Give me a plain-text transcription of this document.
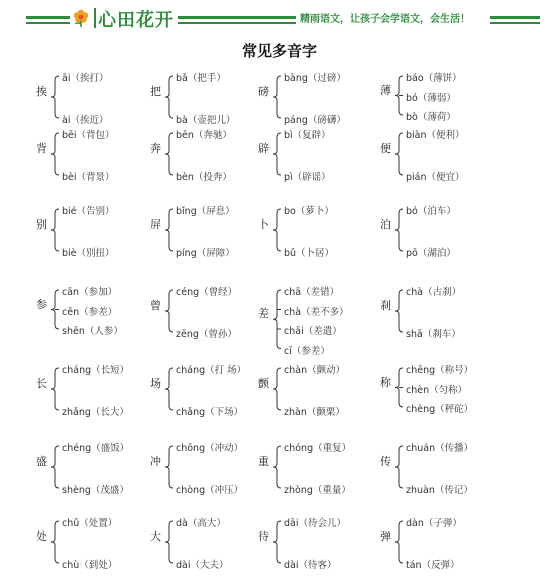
心田花开	精雨语文，让孩子会学语文，会生活！
常见多音字
挨
āi（挨打）
ài（挨近）
把
bǎ（把手）
bà（壶把儿）
磅
bàng（过磅）
páng（磅礴）
薄
báo（薄饼）
bó（薄弱）
bò（薄荷）
背
bēi（背包）
bèi（背景）
奔
bēn（奔驰）
bèn（投奔）
辟
bì（复辟）
pì（辟谣）
便
biàn（便利）
pián（便宜）
别
bié（告别）
biè（别扭）
屏
bǐng（屏息）
píng（屏障）
卜
bo（萝卜）
bǔ（卜居）
泊
bó（泊车）
pō（湖泊）
参
cān（参加）
cēn（参差）
shēn（人参）
曾
céng（曾经）
zēng（曾孙）
差
chā（差错）
chà（差不多）
chāi（差遣）
cī（参差）
刹
chà（古刹）
shā（刹车）
长
cháng（长短）
zhǎng（长大）
场
cháng（打 场）
chǎng（下场）
颤
chàn（颤动）
zhàn（颤栗）
称
chēng（称号）
chèn（匀称）
chèng（秤砣）
盛
chéng（盛饭）
shèng（茂盛）
冲
chōng（冲动）
chòng（冲压）
重
chóng（重复）
zhòng（重量）
传
chuán（传播）
zhuàn（传记）
处
chǔ（处置）
chù（到处）
大
dà（高大）
dài（大夫）
待
dāi（待会儿）
dài（待客）
弹
dàn（子弹）
tán（反弹）
